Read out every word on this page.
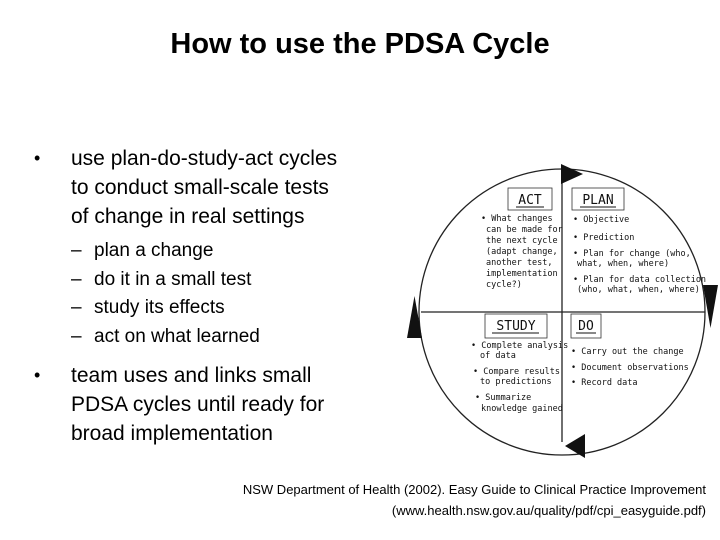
How to use the PDSA Cycle
• use plan-do-study-act cycles
to conduct small-scale tests
of change in real settings
– plan a change
– do it in a small test
– study its effects
– act on what learned
• team uses and links small
PDSA cycles until ready for
broad implementation
ACT	PLAN
STUDY	DO
• What changes
can be made for
the next cycle
(adapt change,
another test,
implementation
cycle?)
• Objective
• Prediction
• Plan for change (who,
what, when, where)
• Plan for data collection
(who, what, when, where)
• Complete analysis
of data
• Compare results
to predictions
• Summarize
knowledge gained
• Carry out the change
• Document observations
• Record data
NSW Department of Health (2002). Easy Guide to Clinical Practice Improvement
(www.health.nsw.gov.au/quality/pdf/cpi_easyguide.pdf)
